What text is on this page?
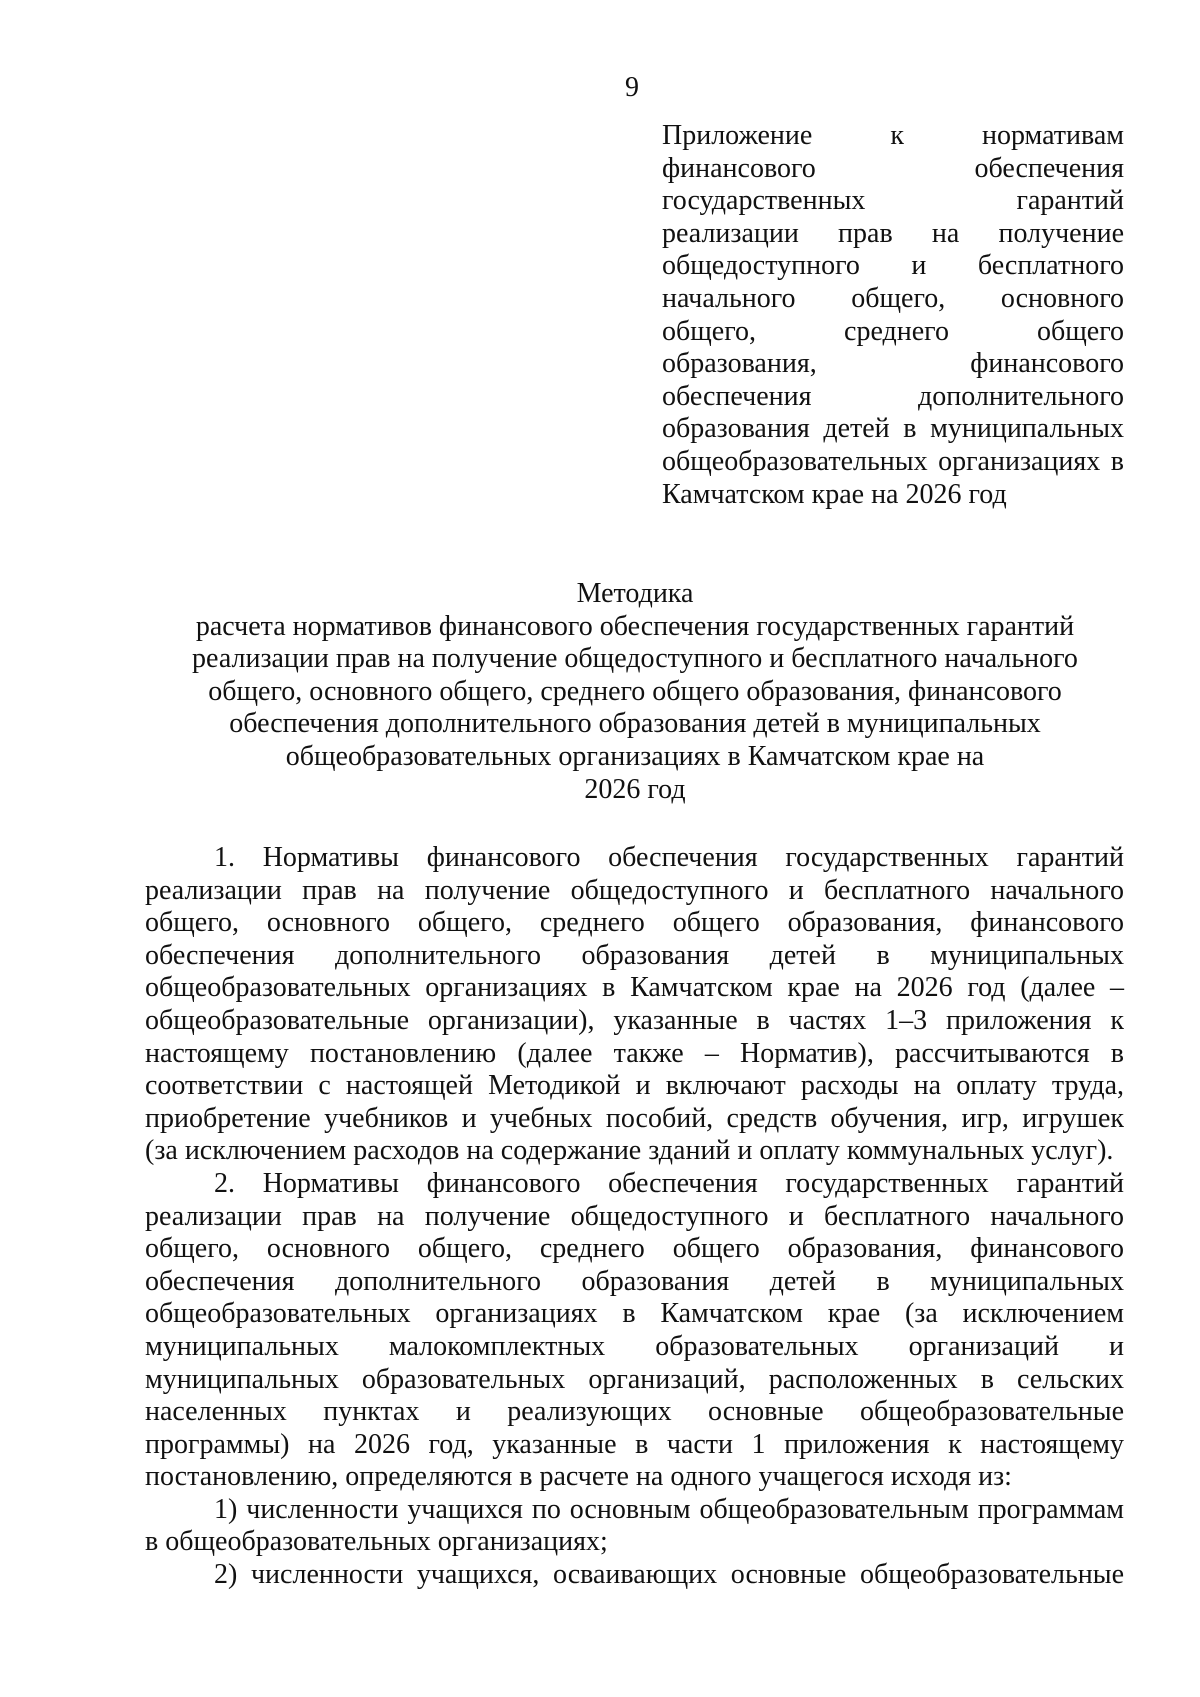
9
Приложение к нормативам
финансового обеспечения
государственных гарантий
реализации прав на получение
общедоступного и бесплатного
начального общего, основного
общего, среднего общего
образования, финансового
обеспечения дополнительного
образования детей в муниципальных
общеобразовательных организациях в
Камчатском крае на 2026 год
Методика
расчета нормативов финансового обеспечения государственных гарантий
реализации прав на получение общедоступного и бесплатного начального
общего, основного общего, среднего общего образования, финансового
обеспечения дополнительного образования детей в муниципальных
общеобразовательных организациях в Камчатском крае на
2026 год
1. Нормативы финансового обеспечения государственных гарантий
реализации прав на получение общедоступного и бесплатного начального
общего, основного общего, среднего общего образования, финансового
обеспечения дополнительного образования детей в муниципальных
общеобразовательных организациях в Камчатском крае на 2026 год (далее –
общеобразовательные организации), указанные в частях 1–3 приложения к
настоящему постановлению (далее также – Норматив), рассчитываются в
соответствии с настоящей Методикой и включают расходы на оплату труда,
приобретение учебников и учебных пособий, средств обучения, игр, игрушек
(за исключением расходов на содержание зданий и оплату коммунальных услуг).
2. Нормативы финансового обеспечения государственных гарантий
реализации прав на получение общедоступного и бесплатного начального
общего, основного общего, среднего общего образования, финансового
обеспечения дополнительного образования детей в муниципальных
общеобразовательных организациях в Камчатском крае (за исключением
муниципальных малокомплектных образовательных организаций и
муниципальных образовательных организаций, расположенных в сельских
населенных пунктах и реализующих основные общеобразовательные
программы) на 2026 год, указанные в части 1 приложения к настоящему
постановлению, определяются в расчете на одного учащегося исходя из:
1) численности учащихся по основным общеобразовательным программам
в общеобразовательных организациях;
2) численности учащихся, осваивающих основные общеобразовательные
